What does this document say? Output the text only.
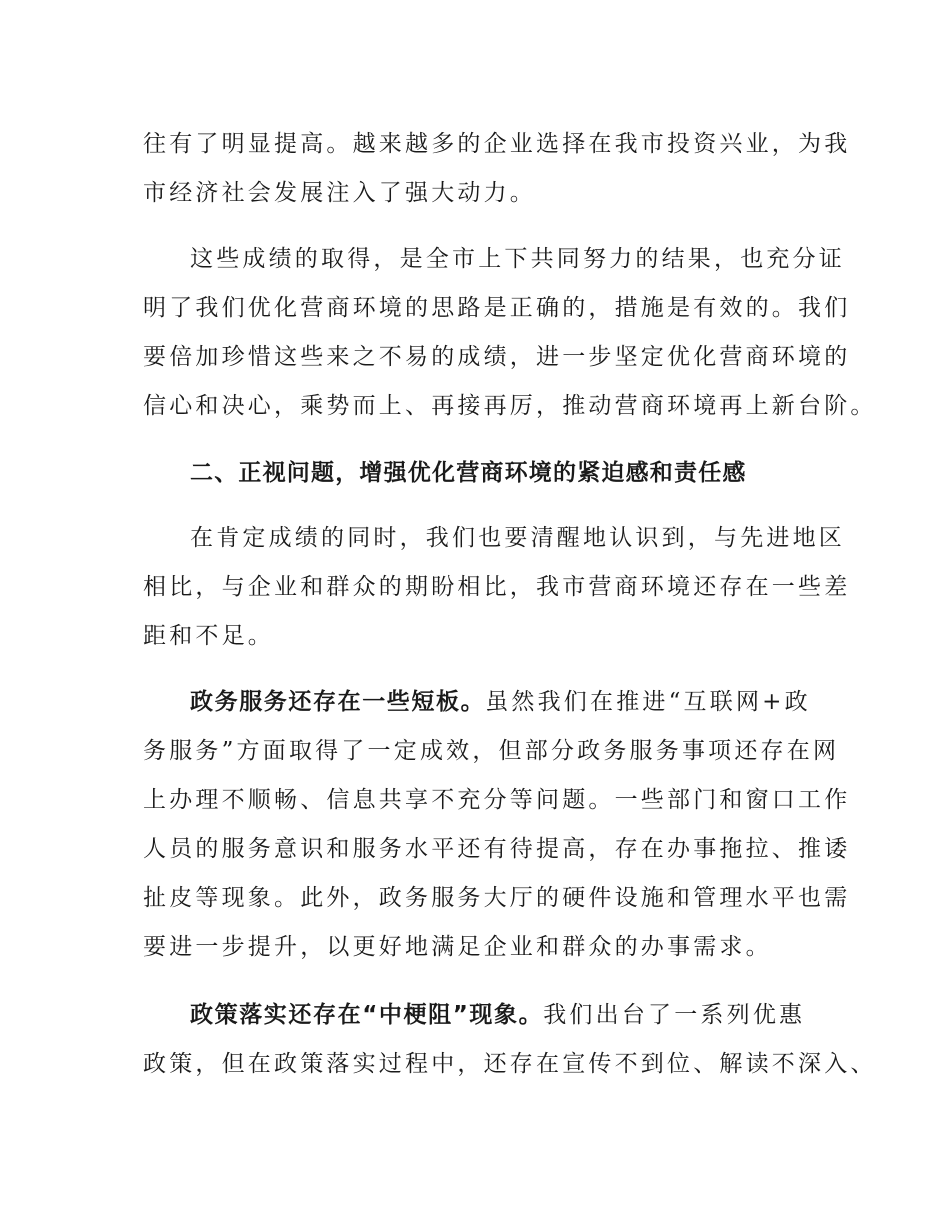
往有了明显提高。越来越多的企业选择在我市投资兴业，为我
市经济社会发展注入了强大动力。
这些成绩的取得，是全市上下共同努力的结果，也充分证
明了我们优化营商环境的思路是正确的，措施是有效的。我们
要倍加珍惜这些来之不易的成绩，进一步坚定优化营商环境的
信心和决心，乘势而上、再接再厉，推动营商环境再上新台阶。
二、正视问题，增强优化营商环境的紧迫感和责任感
在肯定成绩的同时，我们也要清醒地认识到，与先进地区
相比，与企业和群众的期盼相比，我市营商环境还存在一些差
距和不足。
政务服务还存在一些短板。虽然我们在推进“互联网+政
务服务”方面取得了一定成效，但部分政务服务事项还存在网
上办理不顺畅、信息共享不充分等问题。一些部门和窗口工作
人员的服务意识和服务水平还有待提高，存在办事拖拉、推诿
扯皮等现象。此外，政务服务大厅的硬件设施和管理水平也需
要进一步提升，以更好地满足企业和群众的办事需求。
政策落实还存在“中梗阻”现象。我们出台了一系列优惠
政策，但在政策落实过程中，还存在宣传不到位、解读不深入、
